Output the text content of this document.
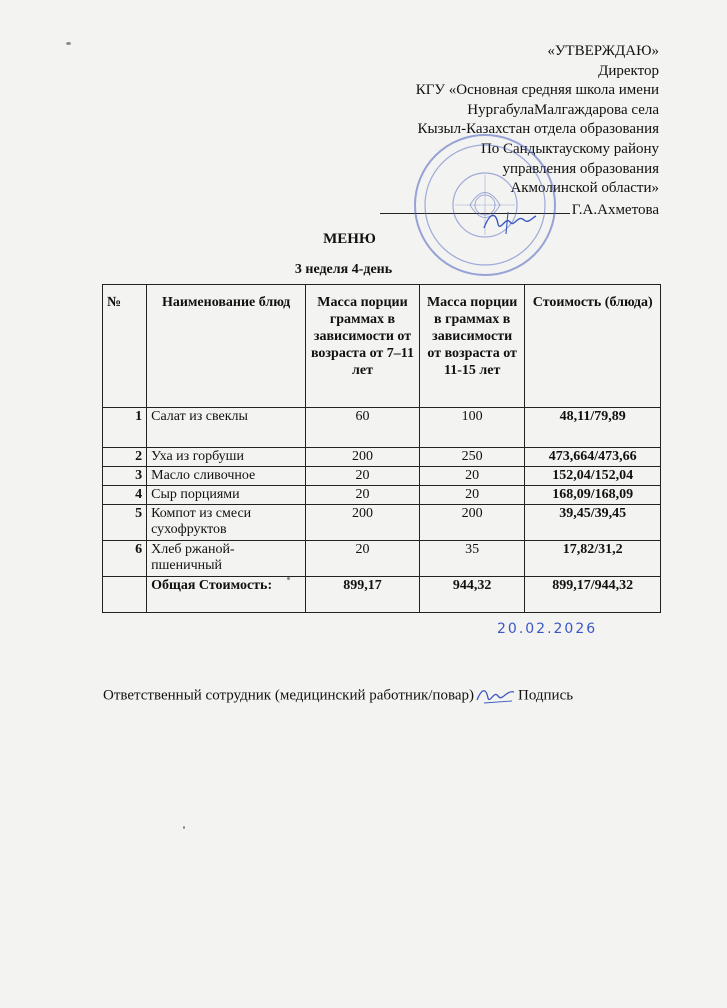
«УТВЕРЖДАЮ»
Директор
КГУ «Основная средняя школа имени
НургабулаМалгаждарова села
Кызыл-Казахстан отдела образования
По Сандыктаускому району
управления образования
Акмолинской области»
Г.А.Ахметова
МЕНЮ
3 неделя 4-день
№	Наименование блюд	Масса порции граммах в зависимости от возраста от 7–11 лет	Масса порции в граммах в зависимости от возраста от 11-15 лет	Стоимость (блюда)
1	Салат из свеклы	60	100	48,11/79,89
2	Уха из горбуши	200	250	473,664/473,66
3	Масло сливочное	20	20	152,04/152,04
4	Сыр порциями	20	20	168,09/168,09
5	Компот из смеси сухофруктов	200	200	39,45/39,45
6	Хлеб ржаной-пшеничный	20	35	17,82/31,2
	Общая Стоимость:	899,17	944,32	899,17/944,32
20.02.2026
Ответственный сотрудник (медицинский работник/повар)	Подпись
